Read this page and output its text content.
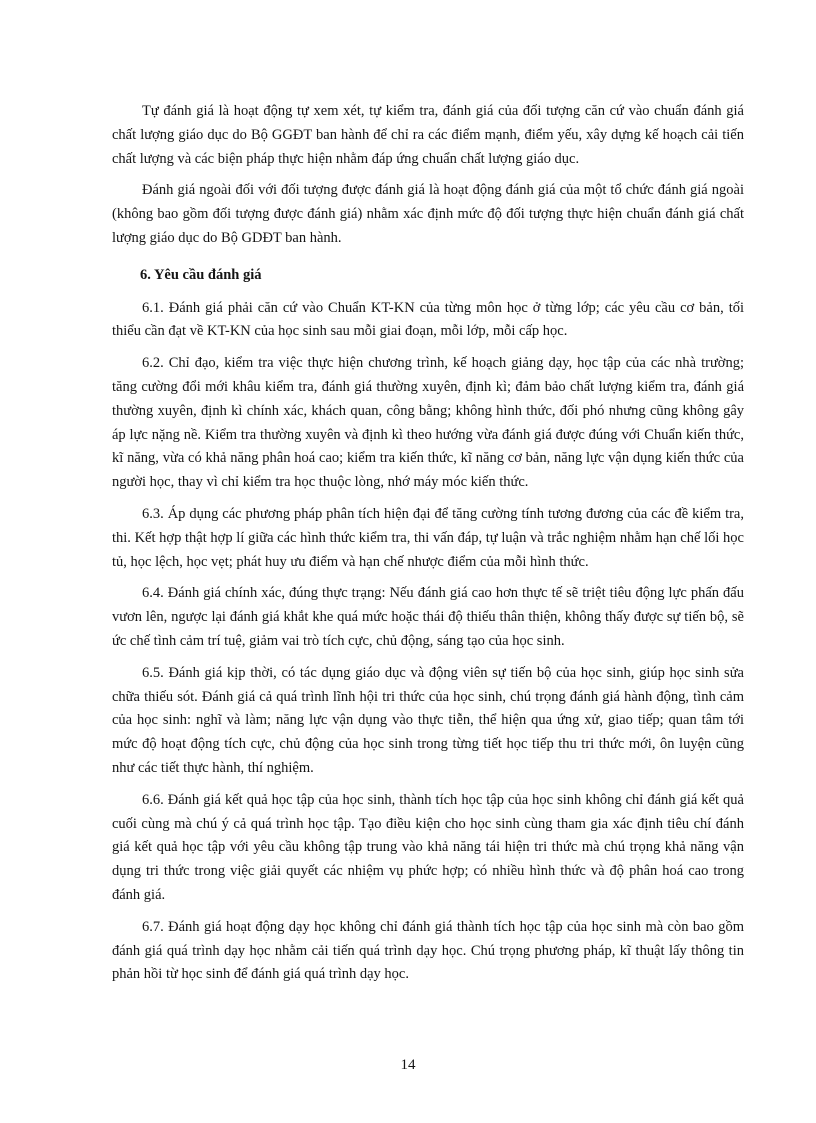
Tự đánh giá là hoạt động tự xem xét, tự kiểm tra, đánh giá của đối tượng căn cứ vào chuẩn đánh giá chất lượng giáo dục do Bộ GGĐT ban hành để chỉ ra các điểm mạnh, điểm yếu, xây dựng kế hoạch cải tiến chất lượng và các biện pháp thực hiện nhằm đáp ứng chuẩn chất lượng giáo dục.

Đánh giá ngoài đối với đối tượng được đánh giá là hoạt động đánh giá của một tổ chức đánh giá ngoài (không bao gồm đối tượng được đánh giá) nhằm xác định mức độ đối tượng thực hiện chuẩn đánh giá chất lượng giáo dục do Bộ GDĐT ban hành.

6. Yêu cầu đánh giá

6.1. Đánh giá phải căn cứ vào Chuẩn KT-KN của từng môn học ở từng lớp; các yêu cầu cơ bản, tối thiểu cần đạt về KT-KN của học sinh sau mỗi giai đoạn, mỗi lớp, mỗi cấp học.

6.2. Chỉ đạo, kiểm tra việc thực hiện chương trình, kế hoạch giảng dạy, học tập của các nhà trường; tăng cường đổi mới khâu kiểm tra, đánh giá thường xuyên, định kì; đảm bảo chất lượng kiểm tra, đánh giá thường xuyên, định kì chính xác, khách quan, công bằng; không hình thức, đối phó nhưng cũng không gây áp lực nặng nề. Kiểm tra thường xuyên và định kì theo hướng vừa đánh giá được đúng với Chuẩn kiến thức, kĩ năng, vừa có khả năng phân hoá cao; kiểm tra kiến thức, kĩ năng cơ bản, năng lực vận dụng kiến thức của người học, thay vì chỉ kiểm tra học thuộc lòng, nhớ máy móc kiến thức.

6.3. Áp dụng các phương pháp phân tích hiện đại để tăng cường tính tương đương của các đề kiểm tra, thi. Kết hợp thật hợp lí giữa các hình thức kiểm tra, thi vấn đáp, tự luận và trắc nghiệm nhằm hạn chế lối học tủ, học lệch, học vẹt; phát huy ưu điểm và hạn chế nhược điểm của mỗi hình thức.

6.4. Đánh giá chính xác, đúng thực trạng: Nếu đánh giá cao hơn thực tế sẽ triệt tiêu động lực phấn đấu vươn lên, ngược lại đánh giá khắt khe quá mức hoặc thái độ thiếu thân thiện, không thấy được sự tiến bộ, sẽ ức chế tình cảm trí tuệ, giảm vai trò tích cực, chủ động, sáng tạo của học sinh.

6.5. Đánh giá kịp thời, có tác dụng giáo dục và động viên sự tiến bộ của học sinh, giúp học sinh sửa chữa thiếu sót. Đánh giá cả quá trình lĩnh hội tri thức của học sinh, chú trọng đánh giá hành động, tình cảm của học sinh: nghĩ và làm; năng lực vận dụng vào thực tiễn, thể hiện qua ứng xử, giao tiếp; quan tâm tới mức độ hoạt động tích cực, chủ động của học sinh trong từng tiết học tiếp thu tri thức mới, ôn luyện cũng như các tiết thực hành, thí nghiệm.

6.6. Đánh giá kết quả học tập của học sinh, thành tích học tập của học sinh không chỉ đánh giá kết quả cuối cùng mà chú ý cả quá trình học tập. Tạo điều kiện cho học sinh cùng tham gia xác định tiêu chí đánh giá kết quả học tập với yêu cầu không tập trung vào khả năng tái hiện tri thức mà chú trọng khả năng vận dụng tri thức trong việc giải quyết các nhiệm vụ phức hợp; có nhiều hình thức và độ phân hoá cao trong đánh giá.

6.7. Đánh giá hoạt động dạy học không chỉ đánh giá thành tích học tập của học sinh mà còn bao gồm đánh giá quá trình dạy học nhằm cải tiến quá trình dạy học. Chú trọng phương pháp, kĩ thuật lấy thông tin phản hồi từ học sinh để đánh giá quá trình dạy học.

14
